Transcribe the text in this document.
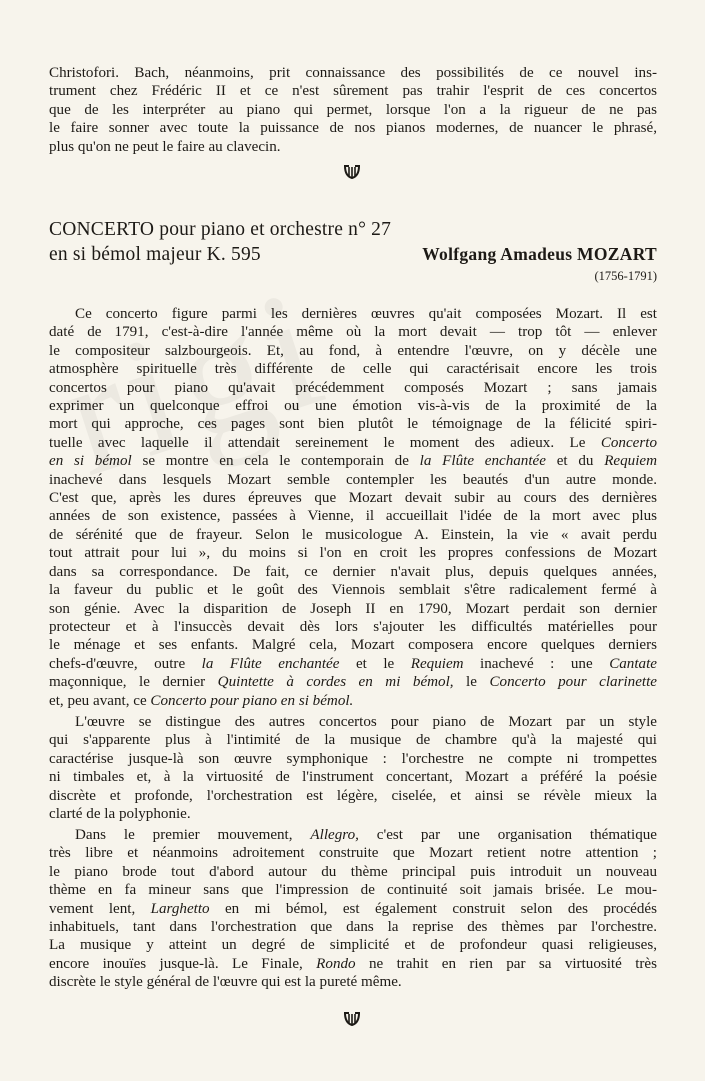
Christofori. Bach, néanmoins, prit connaissance des possibilités de ce nouvel ins-
trument chez Frédéric II et ce n'est sûrement pas trahir l'esprit de ces concertos
que de les interpréter au piano qui permet, lorsque l'on a la rigueur de ne pas
le faire sonner avec toute la puissance de nos pianos modernes, de nuancer le phrasé,
plus qu'on ne peut le faire au clavecin.
CONCERTO pour piano et orchestre n° 27
en si bémol majeur K. 595	Wolfgang Amadeus MOZART
(1756-1791)
Ce concerto figure parmi les dernières œuvres qu'ait composées Mozart. Il est
daté de 1791, c'est-à-dire l'année même où la mort devait — trop tôt — enlever
le compositeur salzbourgeois. Et, au fond, à entendre l'œuvre, on y décèle une
atmosphère spirituelle très différente de celle qui caractérisait encore les trois
concertos pour piano qu'avait précédemment composés Mozart ; sans jamais
exprimer un quelconque effroi ou une émotion vis-à-vis de la proximité de la
mort qui approche, ces pages sont bien plutôt le témoignage de la félicité spiri-
tuelle avec laquelle il attendait sereinement le moment des adieux. Le Concerto
en si bémol se montre en cela le contemporain de la Flûte enchantée et du Requiem
inachevé dans lesquels Mozart semble contempler les beautés d'un autre monde.
C'est que, après les dures épreuves que Mozart devait subir au cours des dernières
années de son existence, passées à Vienne, il accueillait l'idée de la mort avec plus
de sérénité que de frayeur. Selon le musicologue A. Einstein, la vie « avait perdu
tout attrait pour lui », du moins si l'on en croit les propres confessions de Mozart
dans sa correspondance. De fait, ce dernier n'avait plus, depuis quelques années,
la faveur du public et le goût des Viennois semblait s'être radicalement fermé à
son génie. Avec la disparition de Joseph II en 1790, Mozart perdait son dernier
protecteur et à l'insuccès devait dès lors s'ajouter les difficultés matérielles pour
le ménage et ses enfants. Malgré cela, Mozart composera encore quelques derniers
chefs-d'œuvre, outre la Flûte enchantée et le Requiem inachevé : une Cantate
maçonnique, le dernier Quintette à cordes en mi bémol, le Concerto pour clarinette
et, peu avant, ce Concerto pour piano en si bémol.
L'œuvre se distingue des autres concertos pour piano de Mozart par un style
qui s'apparente plus à l'intimité de la musique de chambre qu'à la majesté qui
caractérise jusque-là son œuvre symphonique : l'orchestre ne compte ni trompettes
ni timbales et, à la virtuosité de l'instrument concertant, Mozart a préféré la poésie
discrète et profonde, l'orchestration est légère, ciselée, et ainsi se révèle mieux la
clarté de la polyphonie.
Dans le premier mouvement, Allegro, c'est par une organisation thématique
très libre et néanmoins adroitement construite que Mozart retient notre attention ;
le piano brode tout d'abord autour du thème principal puis introduit un nouveau
thème en fa mineur sans que l'impression de continuité soit jamais brisée. Le mou-
vement lent, Larghetto en mi bémol, est également construit selon des procédés
inhabituels, tant dans l'orchestration que dans la reprise des thèmes par l'orchestre.
La musique y atteint un degré de simplicité et de profondeur quasi religieuses,
encore inouïes jusque-là. Le Finale, Rondo ne trahit en rien par sa virtuosité très
discrète le style général de l'œuvre qui est la pureté même.
